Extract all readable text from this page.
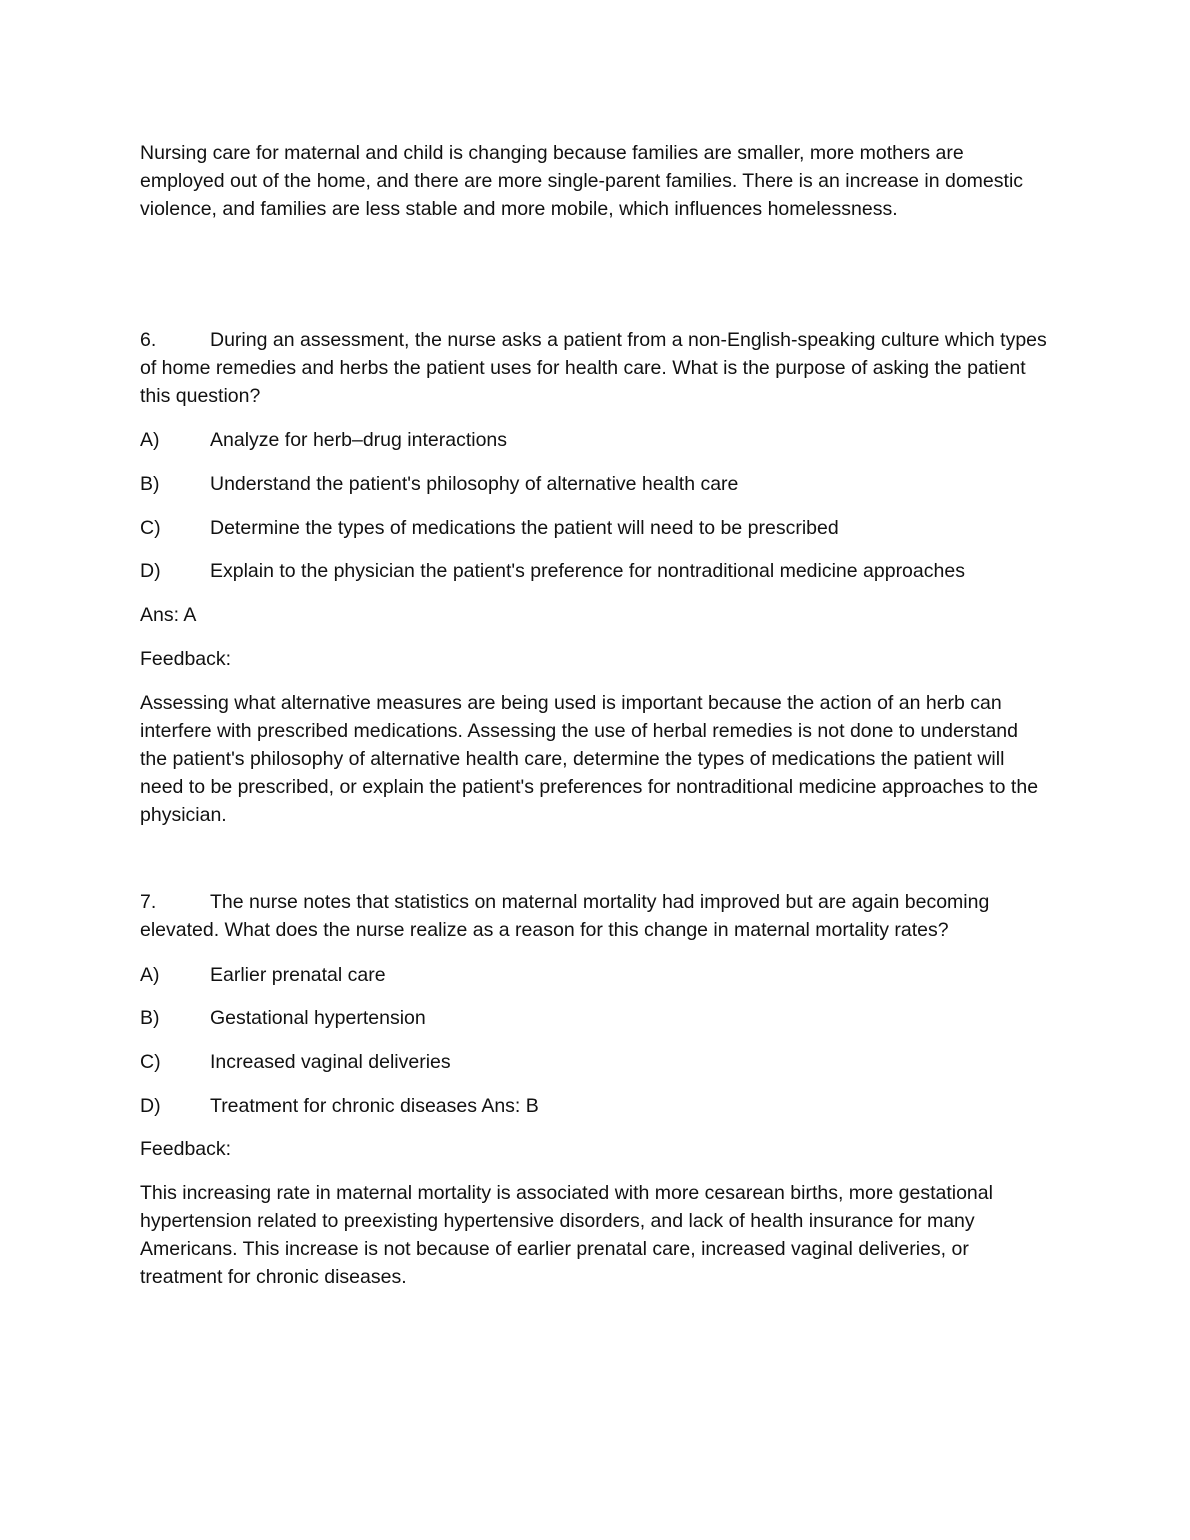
Nursing care for maternal and child is changing because families are smaller, more mothers are employed out of the home, and there are more single-parent families. There is an increase in domestic violence, and families are less stable and more mobile, which influences homelessness.

6.	During an assessment, the nurse asks a patient from a non-English-speaking culture which types of home remedies and herbs the patient uses for health care. What is the purpose of asking the patient this question?
A)	Analyze for herb–drug interactions
B)	Understand the patient's philosophy of alternative health care
C)	Determine the types of medications the patient will need to be prescribed
D)	Explain to the physician the patient's preference for nontraditional medicine approaches
Ans: A
Feedback:

Assessing what alternative measures are being used is important because the action of an herb can interfere with prescribed medications. Assessing the use of herbal remedies is not done to understand the patient's philosophy of alternative health care, determine the types of medications the patient will need to be prescribed, or explain the patient's preferences for nontraditional medicine approaches to the physician.

7.	The nurse notes that statistics on maternal mortality had improved but are again becoming elevated. What does the nurse realize as a reason for this change in maternal mortality rates?
A)	Earlier prenatal care
B)	Gestational hypertension
C)	Increased vaginal deliveries
D)	Treatment for chronic diseases Ans: B
Feedback:

This increasing rate in maternal mortality is associated with more cesarean births, more gestational hypertension related to preexisting hypertensive disorders, and lack of health insurance for many Americans. This increase is not because of earlier prenatal care, increased vaginal deliveries, or treatment for chronic diseases.
